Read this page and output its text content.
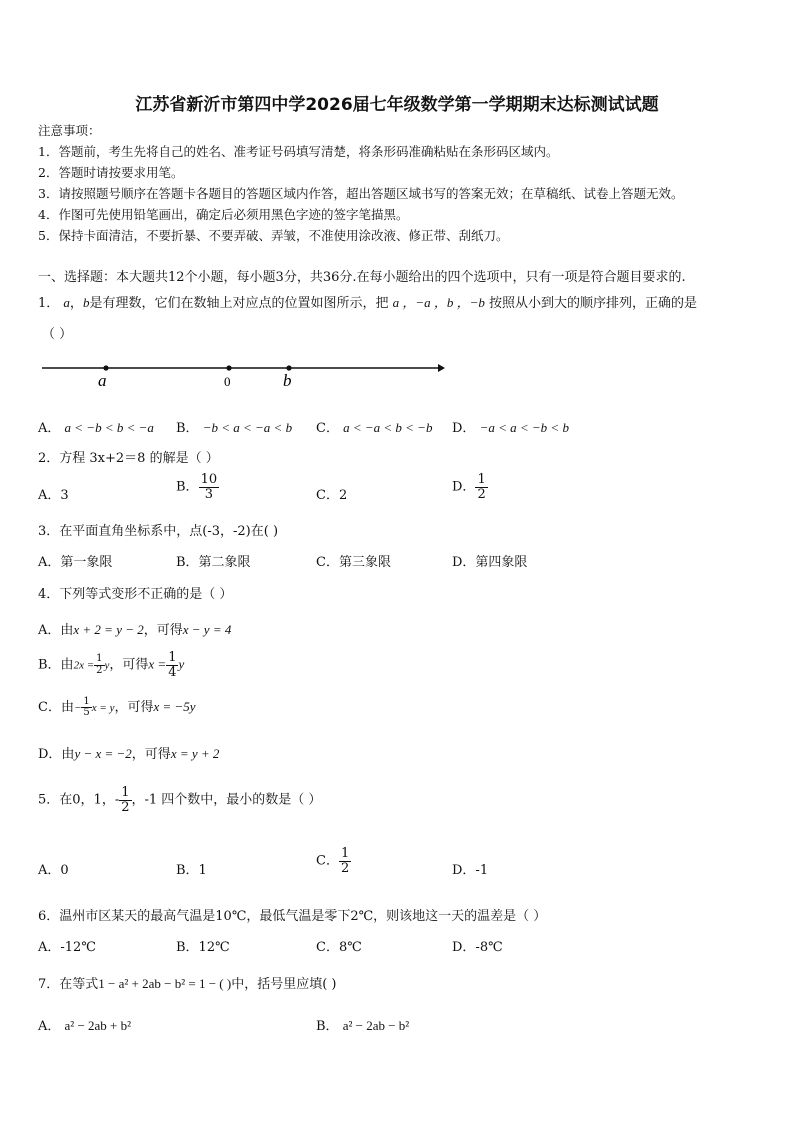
江苏省新沂市第四中学2026届七年级数学第一学期期末达标测试试题
注意事项：
1．答题前，考生先将自己的姓名、准考证号码填写清楚，将条形码准确粘贴在条形码区域内。
2．答题时请按要求用笔。
3．请按照题号顺序在答题卡各题目的答题区域内作答，超出答题区域书写的答案无效；在草稿纸、试卷上答题无效。
4．作图可先使用铅笔画出，确定后必须用黑色字迹的签字笔描黑。
5．保持卡面清洁，不要折暴、不要弄破、弄皱，不准使用涂改液、修正带、刮纸刀。
一、选择题：本大题共12个小题，每小题3分，共36分.在每小题给出的四个选项中，只有一项是符合题目要求的.
1． a，b是有理数，它们在数轴上对应点的位置如图所示，把 a ，−a ，b ，−b 按照从小到大的顺序排列，正确的是
（ ）
a	0	b
A． a < −b < b < −a B． −b < a < −a < b C． a < −a < b < −b D． −a < a < −b < b
2．方程 3x+2＝8 的解是（ ）
A．3
B． $\frac{10}{3}$	C．2
D． $\frac{1}{2}$
3．在平面直角坐标系中，点(-3，-2)在( )
A．第一象限	B．第二象限	C．第三象限	D．第四象限
4．下列等式变形不正确的是（ ）
A．由x + 2 = y − 2，可得x − y = 4
B．由$2x = \frac{1}{2}$ y，可得$x = \frac{1}{4}$ y
C．由− $\frac{1}{5}$ x = y，可得x = −5y
D．由y − x = −2，可得x = y + 2
5．在0，1，- $\frac{1}{2}$ ，-1 四个数中，最小的数是（ ）
A．0	B．1
C． $\frac{1}{2}$	D．-1
6．温州市区某天的最高气温是10℃，最低气温是零下2℃，则该地这一天的温差是（ ）
A．-12℃	B．12℃	C．8℃	D．-8℃
7．在等式1 − a² + 2ab − b² = 1 − ( )中，括号里应填( )
A． a² − 2ab + b²	B． a² − 2ab − b²
